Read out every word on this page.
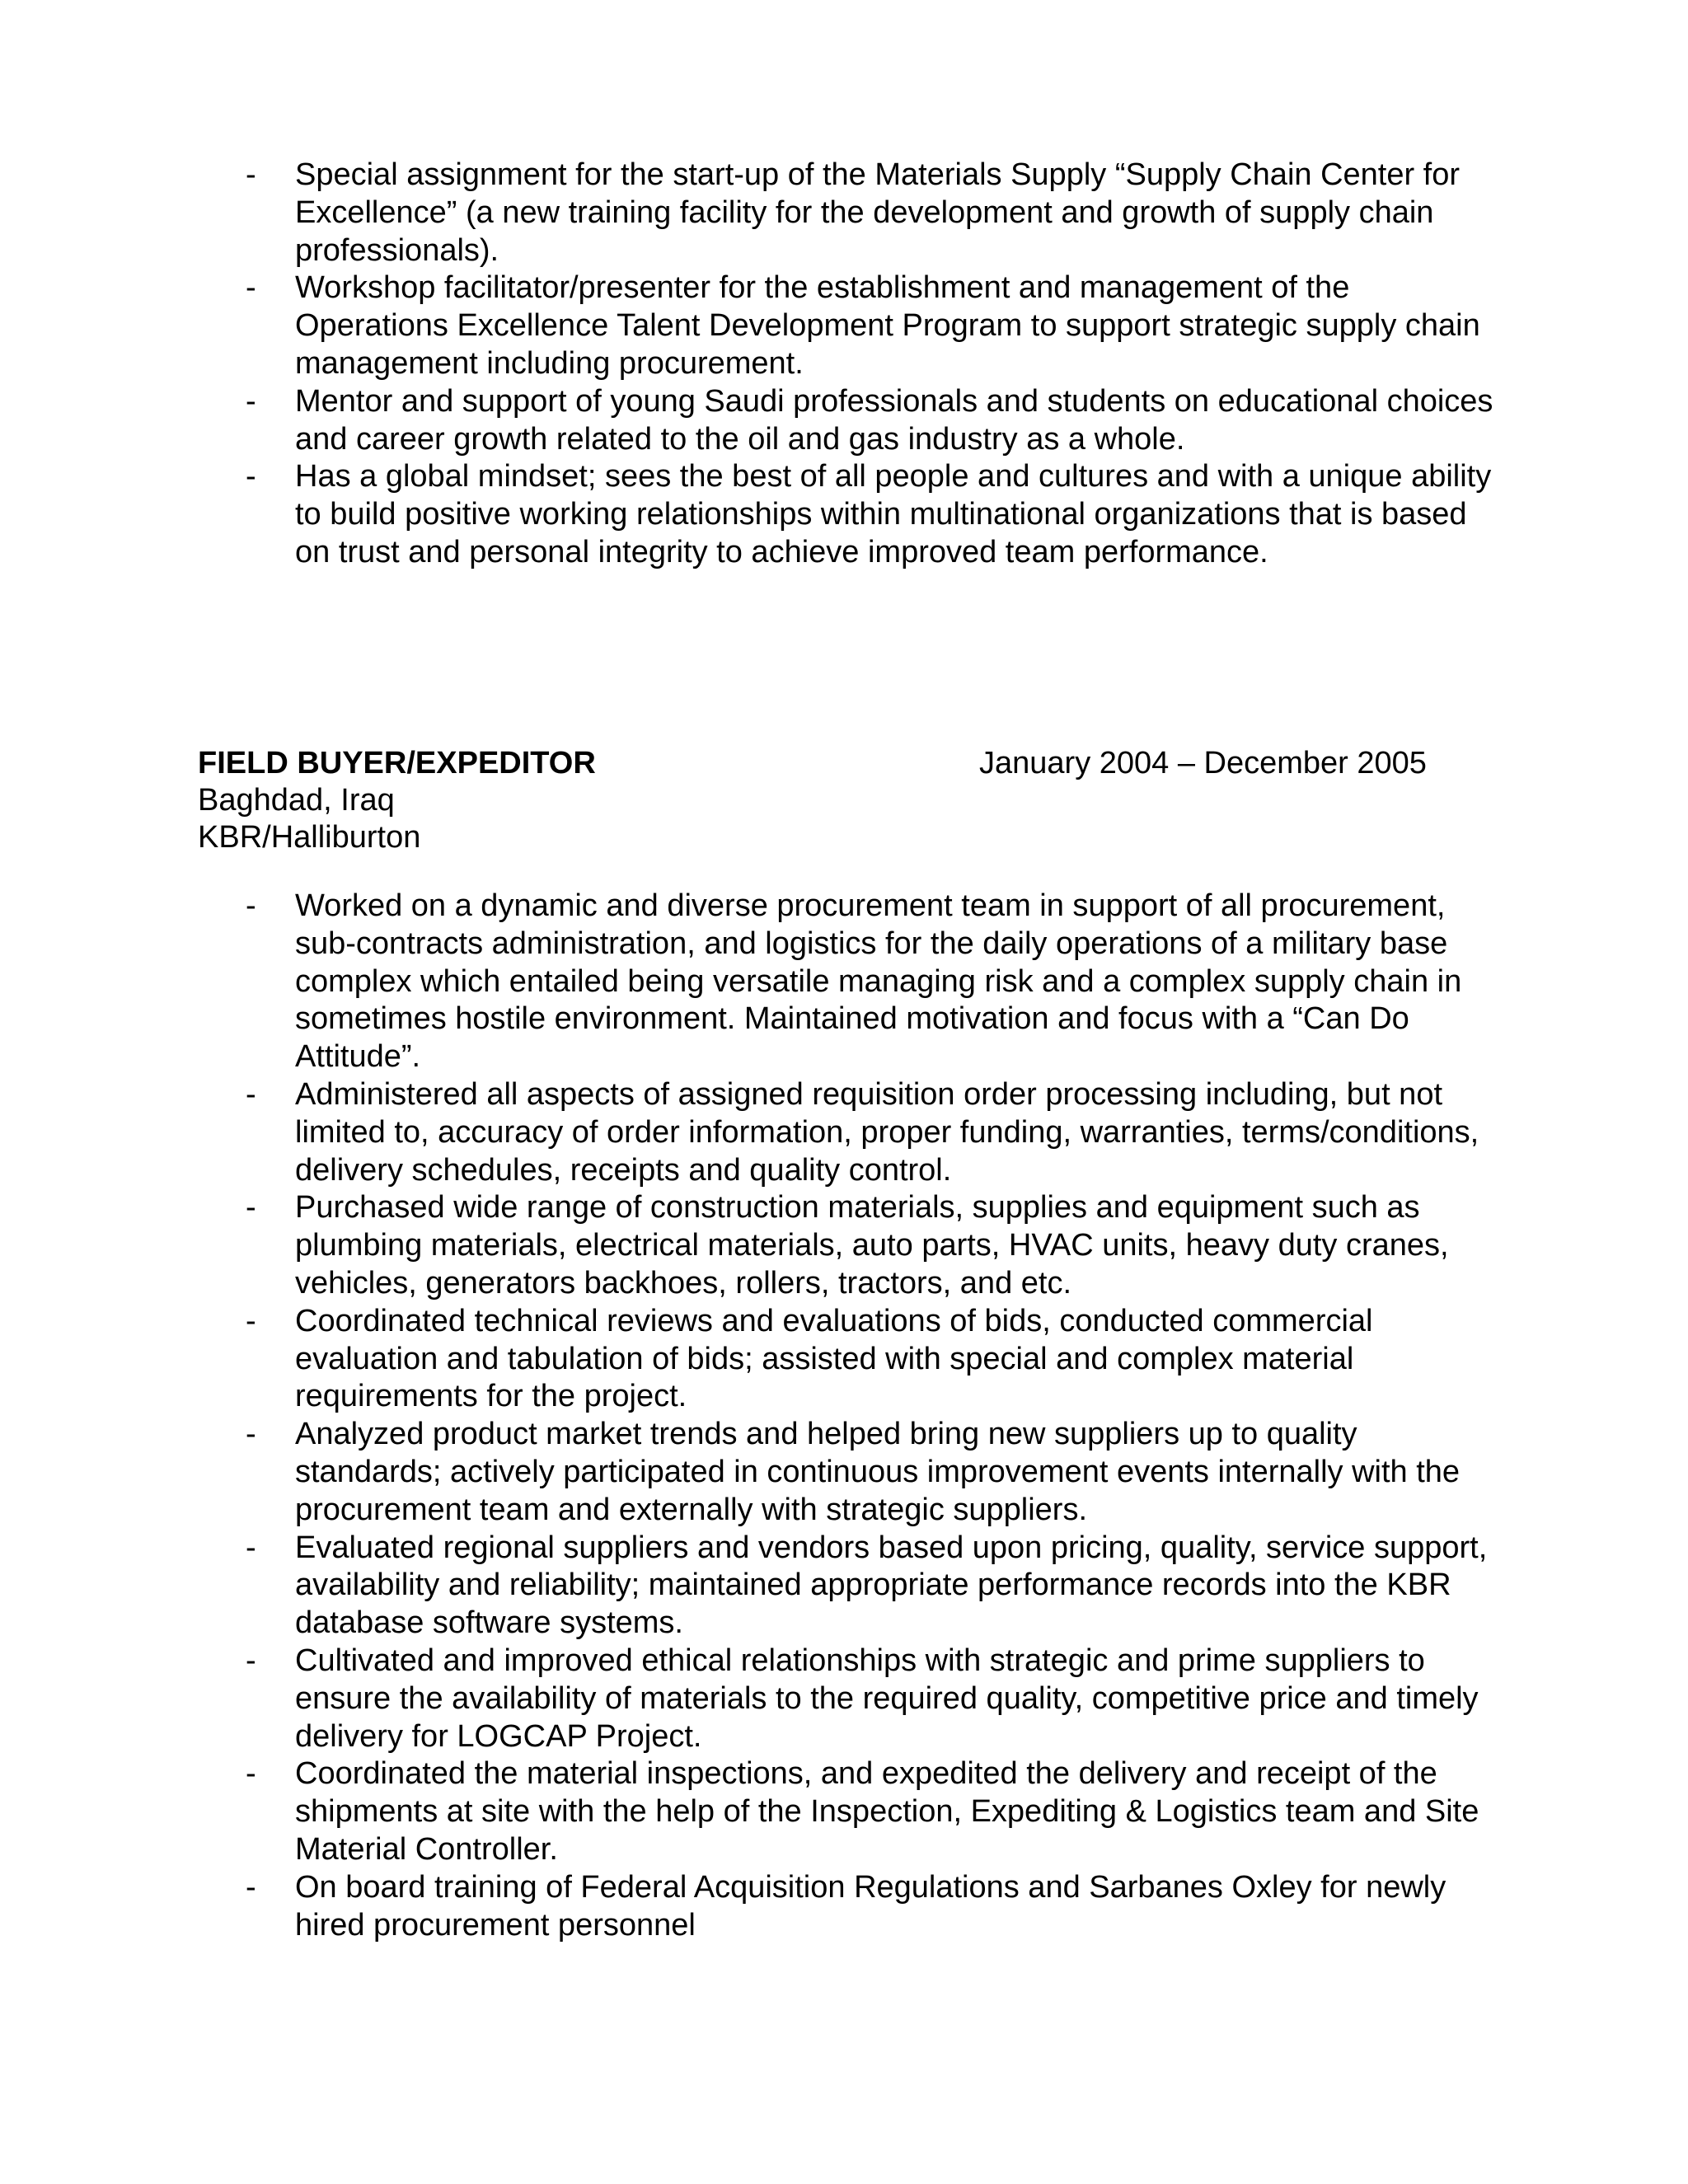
- Special assignment for the start-up of the Materials Supply “Supply Chain Center for Excellence” (a new training facility for the development and growth of supply chain professionals).
- Workshop facilitator/presenter for the establishment and management of the Operations Excellence Talent Development Program to support strategic supply chain management including procurement.
- Mentor and support of young Saudi professionals and students on educational choices and career growth related to the oil and gas industry as a whole.
- Has a global mindset; sees the best of all people and cultures and with a unique ability to build positive working relationships within multinational organizations that is based on trust and personal integrity to achieve improved team performance.
FIELD BUYER/EXPEDITOR	January 2004 – December 2005
Baghdad, Iraq
KBR/Halliburton
- Worked on a dynamic and diverse procurement team in support of all procurement, sub-contracts administration, and logistics for the daily operations of a military base complex which entailed being versatile managing risk and a complex supply chain in sometimes hostile environment. Maintained motivation and focus with a “Can Do Attitude”.
- Administered all aspects of assigned requisition order processing including, but not limited to, accuracy of order information, proper funding, warranties, terms/conditions, delivery schedules, receipts and quality control.
- Purchased wide range of construction materials, supplies and equipment such as plumbing materials, electrical materials, auto parts, HVAC units, heavy duty cranes, vehicles, generators backhoes, rollers, tractors, and etc.
- Coordinated technical reviews and evaluations of bids, conducted commercial evaluation and tabulation of bids; assisted with special and complex material requirements for the project.
- Analyzed product market trends and helped bring new suppliers up to quality standards; actively participated in continuous improvement events internally with the procurement team and externally with strategic suppliers.
- Evaluated regional suppliers and vendors based upon pricing, quality, service support, availability and reliability; maintained appropriate performance records into the KBR database software systems.
- Cultivated and improved ethical relationships with strategic and prime suppliers to ensure the availability of materials to the required quality, competitive price and timely delivery for LOGCAP Project.
- Coordinated the material inspections, and expedited the delivery and receipt of the shipments at site with the help of the Inspection, Expediting & Logistics team and Site Material Controller.
- On board training of Federal Acquisition Regulations and Sarbanes Oxley for newly hired procurement personnel
